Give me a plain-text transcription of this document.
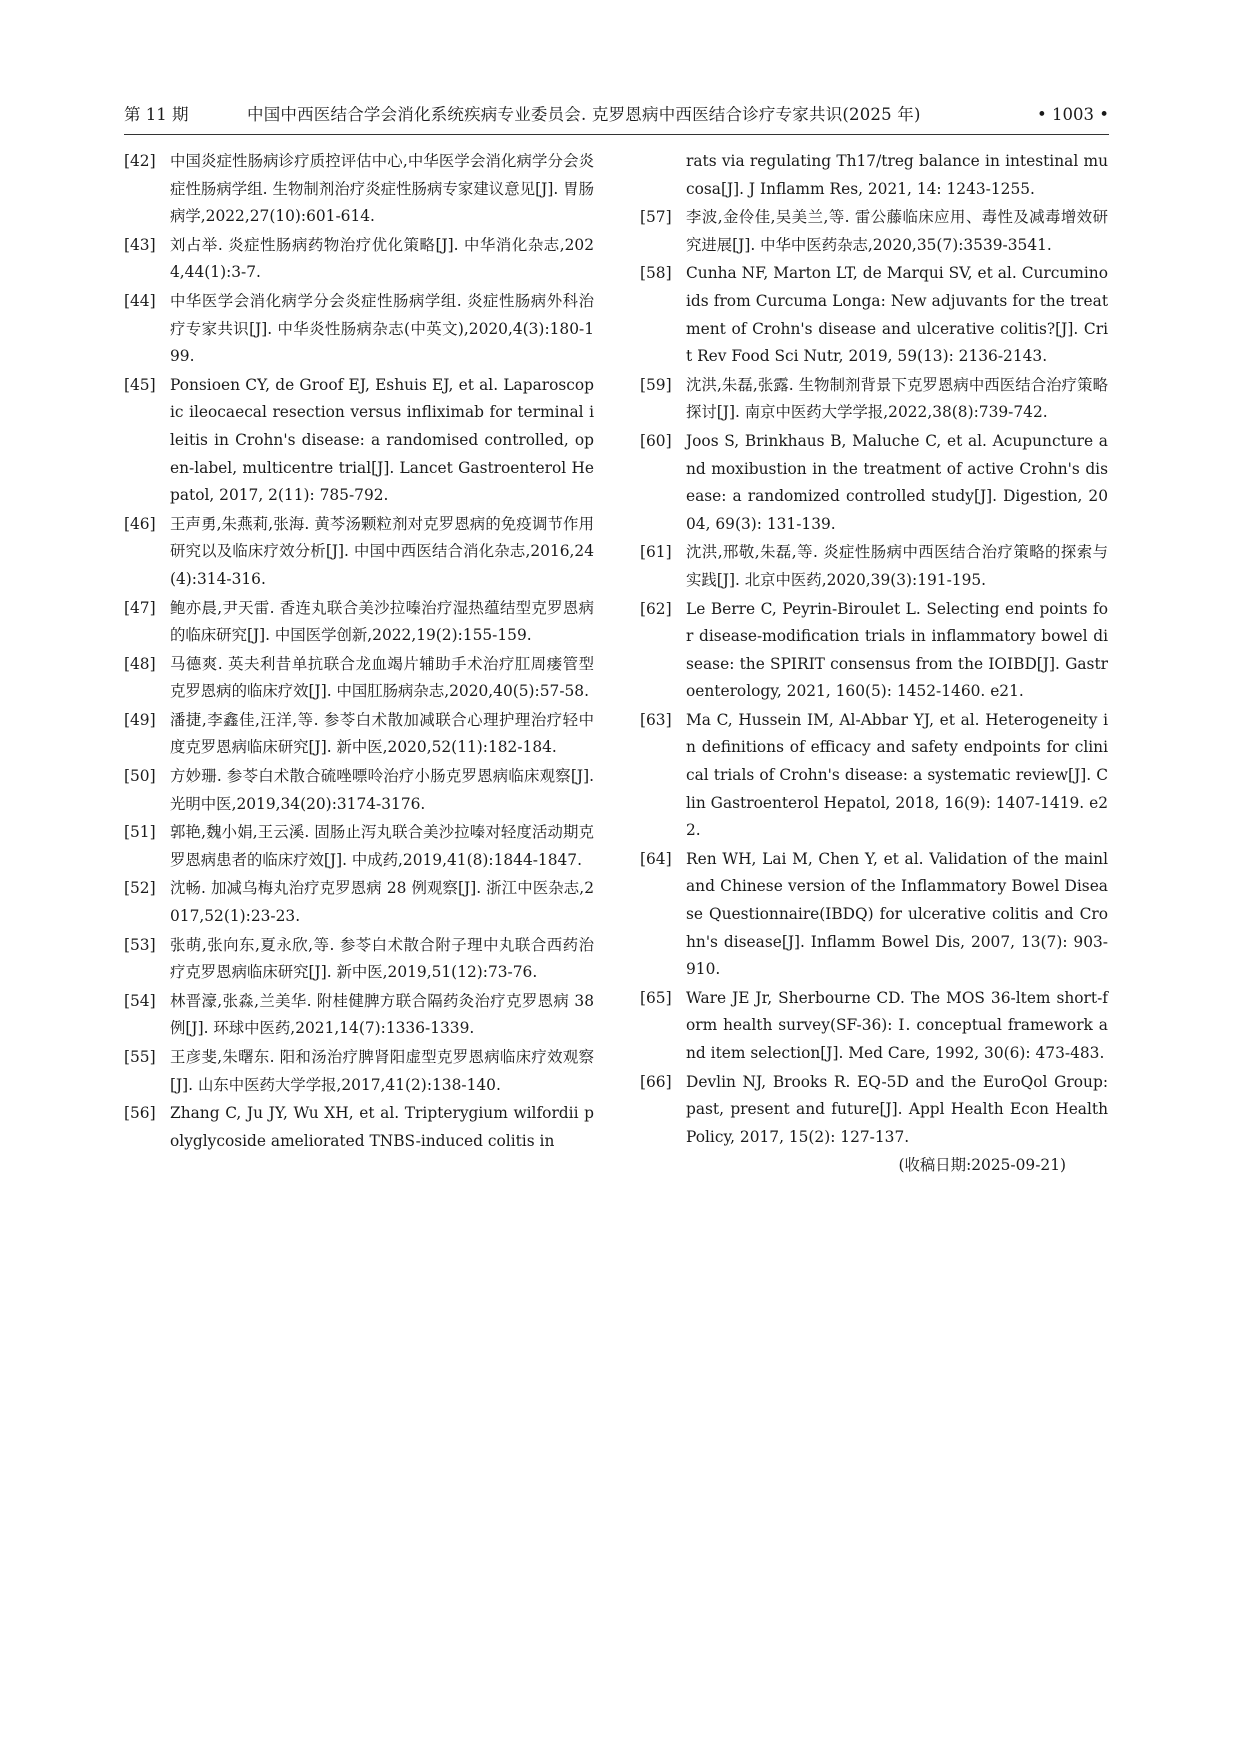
第 11 期	中国中西医结合学会消化系统疾病专业委员会. 克罗恩病中西医结合诊疗专家共识(2025 年)	• 1003 •
[42] 中国炎症性肠病诊疗质控评估中心,中华医学会消化病学分会炎症性肠病学组. 生物制剂治疗炎症性肠病专家建议意见[J]. 胃肠病学,2022,27(10):601-614.
[43] 刘占举. 炎症性肠病药物治疗优化策略[J]. 中华消化杂志,2024,44(1):3-7.
[44] 中华医学会消化病学分会炎症性肠病学组. 炎症性肠病外科治疗专家共识[J]. 中华炎性肠病杂志(中英文),2020,4(3):180-199.
[45] Ponsioen CY, de Groof EJ, Eshuis EJ, et al. Laparoscopic ileocaecal resection versus infliximab for terminal ileitis in Crohn's disease: a randomised controlled, open-label, multicentre trial[J]. Lancet Gastroenterol Hepatol, 2017, 2(11): 785-792.
[46] 王声勇,朱燕莉,张海. 黄芩汤颗粒剂对克罗恩病的免疫调节作用研究以及临床疗效分析[J]. 中国中西医结合消化杂志,2016,24(4):314-316.
[47] 鲍亦晨,尹天雷. 香连丸联合美沙拉嗪治疗湿热蕴结型克罗恩病的临床研究[J]. 中国医学创新,2022,19(2):155-159.
[48] 马德爽. 英夫利昔单抗联合龙血竭片辅助手术治疗肛周瘘管型克罗恩病的临床疗效[J]. 中国肛肠病杂志,2020,40(5):57-58.
[49] 潘捷,李鑫佳,汪洋,等. 参苓白术散加减联合心理护理治疗轻中度克罗恩病临床研究[J]. 新中医,2020,52(11):182-184.
[50] 方妙珊. 参苓白术散合硫唑嘌呤治疗小肠克罗恩病临床观察[J]. 光明中医,2019,34(20):3174-3176.
[51] 郭艳,魏小娟,王云溪. 固肠止泻丸联合美沙拉嗪对轻度活动期克罗恩病患者的临床疗效[J]. 中成药,2019,41(8):1844-1847.
[52] 沈畅. 加减乌梅丸治疗克罗恩病 28 例观察[J]. 浙江中医杂志,2017,52(1):23-23.
[53] 张萌,张向东,夏永欣,等. 参苓白术散合附子理中丸联合西药治疗克罗恩病临床研究[J]. 新中医,2019,51(12):73-76.
[54] 林晋濠,张淼,兰美华. 附桂健脾方联合隔药灸治疗克罗恩病 38 例[J]. 环球中医药,2021,14(7):1336-1339.
[55] 王彦斐,朱曙东. 阳和汤治疗脾肾阳虚型克罗恩病临床疗效观察[J]. 山东中医药大学学报,2017,41(2):138-140.
[56] Zhang C, Ju JY, Wu XH, et al. Tripterygium wilfordii polyglycoside ameliorated TNBS-induced colitis in
rats via regulating Th17/treg balance in intestinal mucosa[J]. J Inflamm Res, 2021, 14: 1243-1255.
[57] 李波,金伶佳,吴美兰,等. 雷公藤临床应用、毒性及减毒增效研究进展[J]. 中华中医药杂志,2020,35(7):3539-3541.
[58] Cunha NF, Marton LT, de Marqui SV, et al. Curcuminoids from Curcuma Longa: New adjuvants for the treatment of Crohn's disease and ulcerative colitis?[J]. Crit Rev Food Sci Nutr, 2019, 59(13): 2136-2143.
[59] 沈洪,朱磊,张露. 生物制剂背景下克罗恩病中西医结合治疗策略探讨[J]. 南京中医药大学学报,2022,38(8):739-742.
[60] Joos S, Brinkhaus B, Maluche C, et al. Acupuncture and moxibustion in the treatment of active Crohn's disease: a randomized controlled study[J]. Digestion, 2004, 69(3): 131-139.
[61] 沈洪,邢敬,朱磊,等. 炎症性肠病中西医结合治疗策略的探索与实践[J]. 北京中医药,2020,39(3):191-195.
[62] Le Berre C, Peyrin-Biroulet L. Selecting end points for disease-modification trials in inflammatory bowel disease: the SPIRIT consensus from the IOIBD[J]. Gastroenterology, 2021, 160(5): 1452-1460. e21.
[63] Ma C, Hussein IM, Al-Abbar YJ, et al. Heterogeneity in definitions of efficacy and safety endpoints for clinical trials of Crohn's disease: a systematic review[J]. Clin Gastroenterol Hepatol, 2018, 16(9): 1407-1419. e22.
[64] Ren WH, Lai M, Chen Y, et al. Validation of the mainland Chinese version of the Inflammatory Bowel Disease Questionnaire(IBDQ) for ulcerative colitis and Crohn's disease[J]. Inflamm Bowel Dis, 2007, 13(7): 903-910.
[65] Ware JE Jr, Sherbourne CD. The MOS 36-ltem short-form health survey(SF-36): Ⅰ. conceptual framework and item selection[J]. Med Care, 1992, 30(6): 473-483.
[66] Devlin NJ, Brooks R. EQ-5D and the EuroQol Group: past, present and future[J]. Appl Health Econ Health Policy, 2017, 15(2): 127-137.
(收稿日期:2025-09-21)
